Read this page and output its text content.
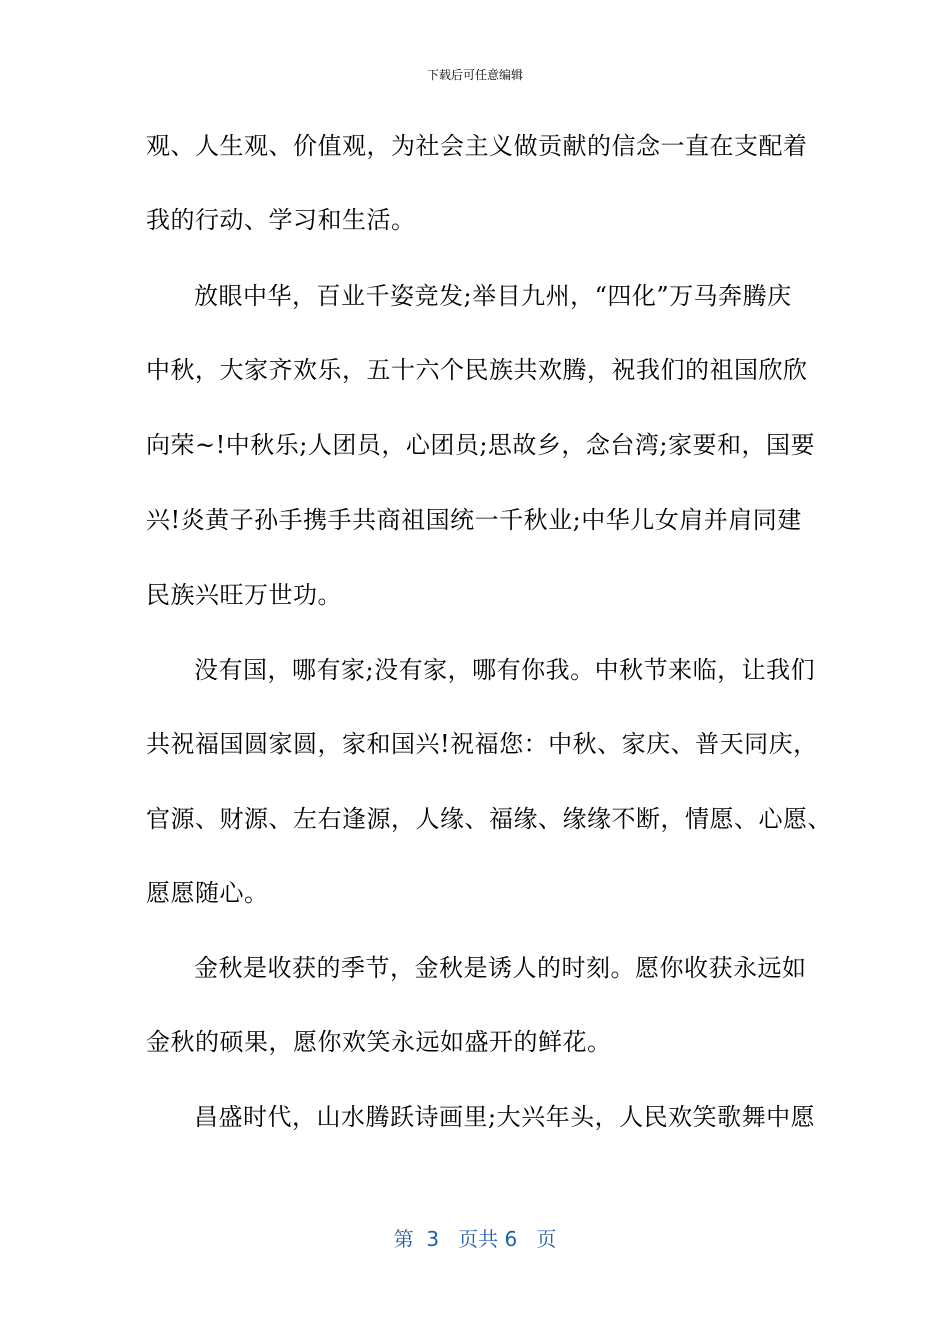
下载后可任意编辑
观、人生观、价值观，为社会主义做贡献的信念一直在支配着
我的行动、学习和生活。
放眼中华，百业千姿竞发;举目九州，“四化”万马奔腾庆
中秋，大家齐欢乐，五十六个民族共欢腾，祝我们的祖国欣欣
向荣~!中秋乐;人团员，心团员;思故乡，念台湾;家要和，国要
兴!炎黄子孙手携手共商祖国统一千秋业;中华儿女肩并肩同建
民族兴旺万世功。
没有国，哪有家;没有家，哪有你我。中秋节来临，让我们
共祝福国圆家圆，家和国兴!祝福您：中秋、家庆、普天同庆，
官源、财源、左右逢源，人缘、福缘、缘缘不断，情愿、心愿、
愿愿随心。
金秋是收获的季节，金秋是诱人的时刻。愿你收获永远如
金秋的硕果，愿你欢笑永远如盛开的鲜花。
昌盛时代，山水腾跃诗画里;大兴年头，人民欢笑歌舞中愿
第  3   页共 6   页
